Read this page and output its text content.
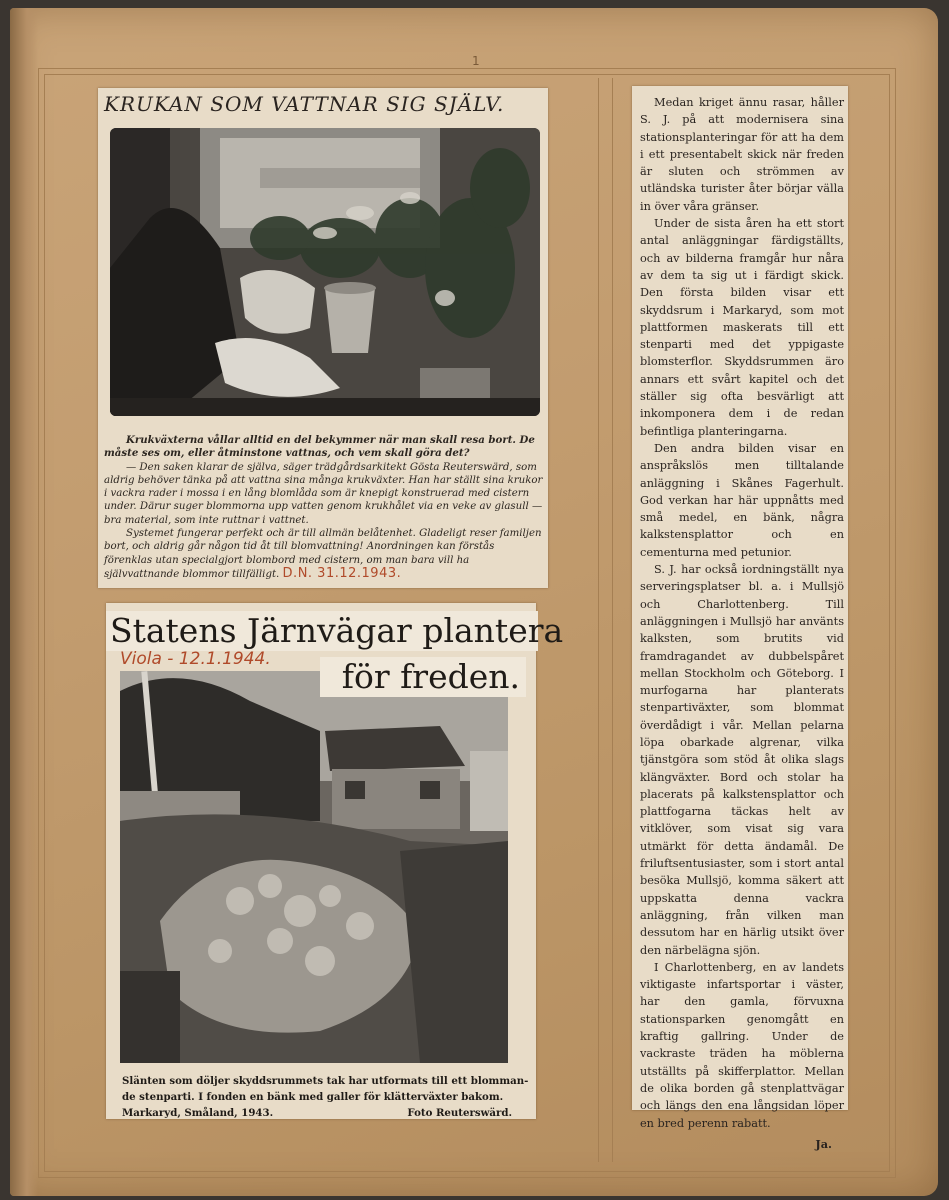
1
KRUKAN SOM VATTNAR SIG SJÄLV.

Krukväxterna vållar alltid en del bekymmer när man skall resa bort. De måste ses om, eller åtminstone vattnas, och vem skall göra det?

— Den saken klarar de själva, säger trädgårdsarkitekt Gösta Reuterswärd, som aldrig behöver tänka på att vattna sina många krukväxter. Han har ställt sina krukor i vackra rader i mossa i en lång blomlåda som är knepigt konstruerad med cistern under. Därur suger blommorna upp vatten genom krukhålet via en veke av glasull — bra material, som inte ruttnar i vattnet.

Systemet fungerar perfekt och är till allmän belåtenhet. Gladeligt reser familjen bort, och aldrig går någon tid åt till blomvattning! Anordningen kan förstås förenklas utan specialgjort blombord med cistern, om man bara vill ha självvattnande blommor tillfälligt. D.N. 31.12.1943.

Statens Järnvägar plantera
för freden.
Viola - 12.1.1944.
Slänten som döljer skyddsrummets tak har utformats till ett blomman-
de stenparti. I fonden en bänk med galler för klätterväxter bakom.
Markaryd, Småland, 1943.	Foto Reuterswärd.

Medan kriget ännu rasar, håller S. J. på att modernisera sina stationsplanteringar för att ha dem i ett presentabelt skick när freden är sluten och strömmen av utländska turister åter börjar välla in över våra gränser.

Under de sista åren ha ett stort antal anläggningar färdigställts, och av bilderna framgår hur nåra av dem ta sig ut i färdigt skick. Den första bilden visar ett skyddsrum i Markaryd, som mot plattformen maskerats till ett stenparti med det yppigaste blomsterflor. Skyddsrummen äro annars ett svårt kapitel och det ställer sig ofta besvärligt att inkomponera dem i de redan befintliga planteringarna.

Den andra bilden visar en anspråkslös men tilltalande anläggning i Skånes Fagerhult. God verkan har här uppnåtts med små medel, en bänk, några kalkstensplattor och en cementurna med petunior.

S. J. har också iordningställt nya serveringsplatser bl. a. i Mullsjö och Charlottenberg. Till anläggningen i Mullsjö har använts kalksten, som brutits vid framdragandet av dubbelspåret mellan Stockholm och Göteborg. I murfogarna har planterats stenpartiväxter, som blommat överdådigt i vår. Mellan pelarna löpa obarkade algrenar, vilka tjänstgöra som stöd åt olika slags klängväxter. Bord och stolar ha placerats på kalkstensplattor och plattfogarna täckas helt av vitklöver, som visat sig vara utmärkt för detta ändamål. De friluftsentusiaster, som i stort antal besöka Mullsjö, komma säkert att uppskatta denna vackra anläggning, från vilken man dessutom har en härlig utsikt över den närbelägna sjön.

I Charlottenberg, en av landets viktigaste infartsportar i väster, har den gamla, förvuxna stationsparken genomgått en kraftig gallring. Under de vackraste träden ha möblerna utställts på skifferplattor. Mellan de olika borden gå stenplattvägar och längs den ena långsidan löper en bred perenn rabatt.

Ja.
